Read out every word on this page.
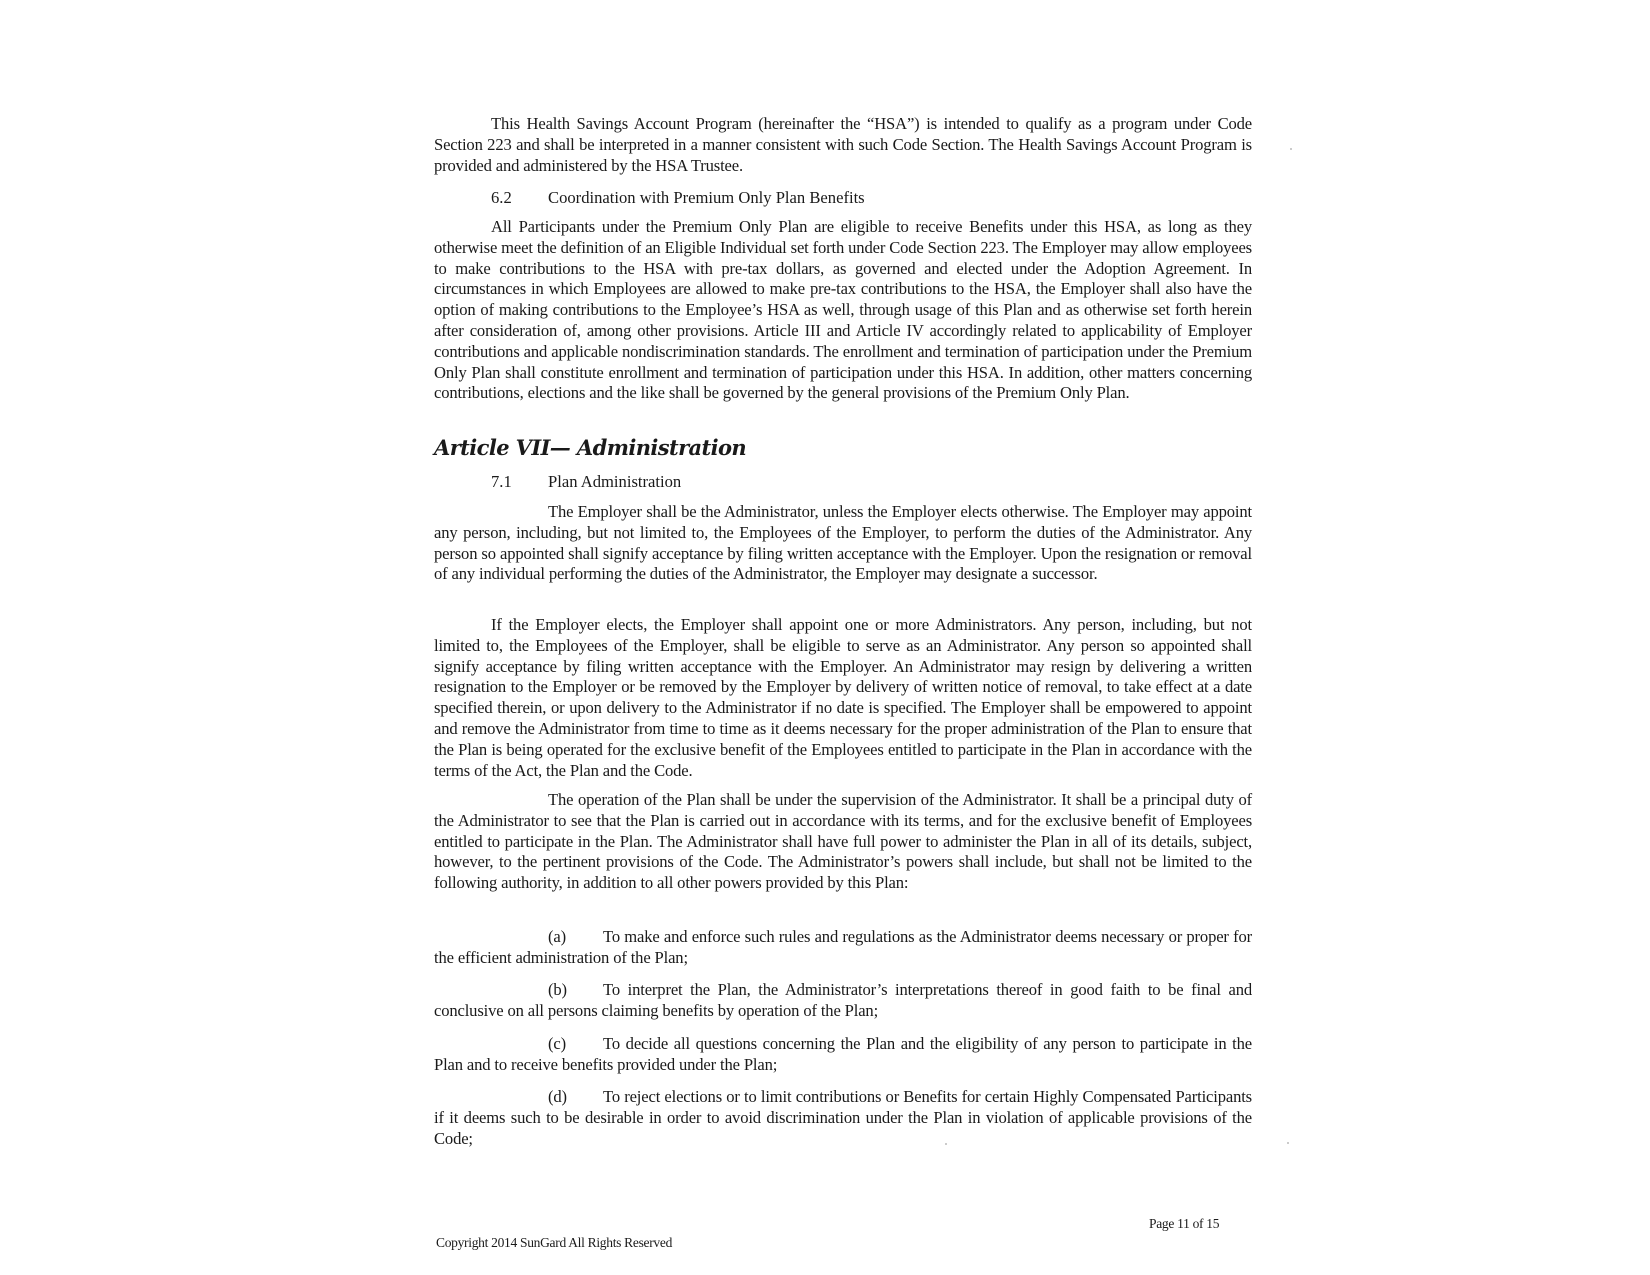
This Health Savings Account Program (hereinafter the “HSA”) is intended to qualify as a program under Code Section 223 and shall be interpreted in a manner consistent with such Code Section. The Health Savings Account Program is provided and administered by the HSA Trustee.
6.2 Coordination with Premium Only Plan Benefits
All Participants under the Premium Only Plan are eligible to receive Benefits under this HSA, as long as they otherwise meet the definition of an Eligible Individual set forth under Code Section 223. The Employer may allow employees to make contributions to the HSA with pre-tax dollars, as governed and elected under the Adoption Agreement. In circumstances in which Employees are allowed to make pre-tax contributions to the HSA, the Employer shall also have the option of making contributions to the Employee’s HSA as well, through usage of this Plan and as otherwise set forth herein after consideration of, among other provisions. Article III and Article IV accordingly related to applicability of Employer contributions and applicable nondiscrimination standards. The enrollment and termination of participation under the Premium Only Plan shall constitute enrollment and termination of participation under this HSA. In addition, other matters concerning contributions, elections and the like shall be governed by the general provisions of the Premium Only Plan.
Article VII— Administration
7.1 Plan Administration
The Employer shall be the Administrator, unless the Employer elects otherwise. The Employer may appoint any person, including, but not limited to, the Employees of the Employer, to perform the duties of the Administrator. Any person so appointed shall signify acceptance by filing written acceptance with the Employer. Upon the resignation or removal of any individual performing the duties of the Administrator, the Employer may designate a successor.
If the Employer elects, the Employer shall appoint one or more Administrators. Any person, including, but not limited to, the Employees of the Employer, shall be eligible to serve as an Administrator. Any person so appointed shall signify acceptance by filing written acceptance with the Employer. An Administrator may resign by delivering a written resignation to the Employer or be removed by the Employer by delivery of written notice of removal, to take effect at a date specified therein, or upon delivery to the Administrator if no date is specified. The Employer shall be empowered to appoint and remove the Administrator from time to time as it deems necessary for the proper administration of the Plan to ensure that the Plan is being operated for the exclusive benefit of the Employees entitled to participate in the Plan in accordance with the terms of the Act, the Plan and the Code.
The operation of the Plan shall be under the supervision of the Administrator. It shall be a principal duty of the Administrator to see that the Plan is carried out in accordance with its terms, and for the exclusive benefit of Employees entitled to participate in the Plan. The Administrator shall have full power to administer the Plan in all of its details, subject, however, to the pertinent provisions of the Code. The Administrator’s powers shall include, but shall not be limited to the following authority, in addition to all other powers provided by this Plan:
(a) To make and enforce such rules and regulations as the Administrator deems necessary or proper for the efficient administration of the Plan;
(b) To interpret the Plan, the Administrator’s interpretations thereof in good faith to be final and conclusive on all persons claiming benefits by operation of the Plan;
(c) To decide all questions concerning the Plan and the eligibility of any person to participate in the Plan and to receive benefits provided under the Plan;
(d) To reject elections or to limit contributions or Benefits for certain Highly Compensated Participants if it deems such to be desirable in order to avoid discrimination under the Plan in violation of applicable provisions of the Code;
Page 11 of 15
Copyright 2014 SunGard All Rights Reserved
